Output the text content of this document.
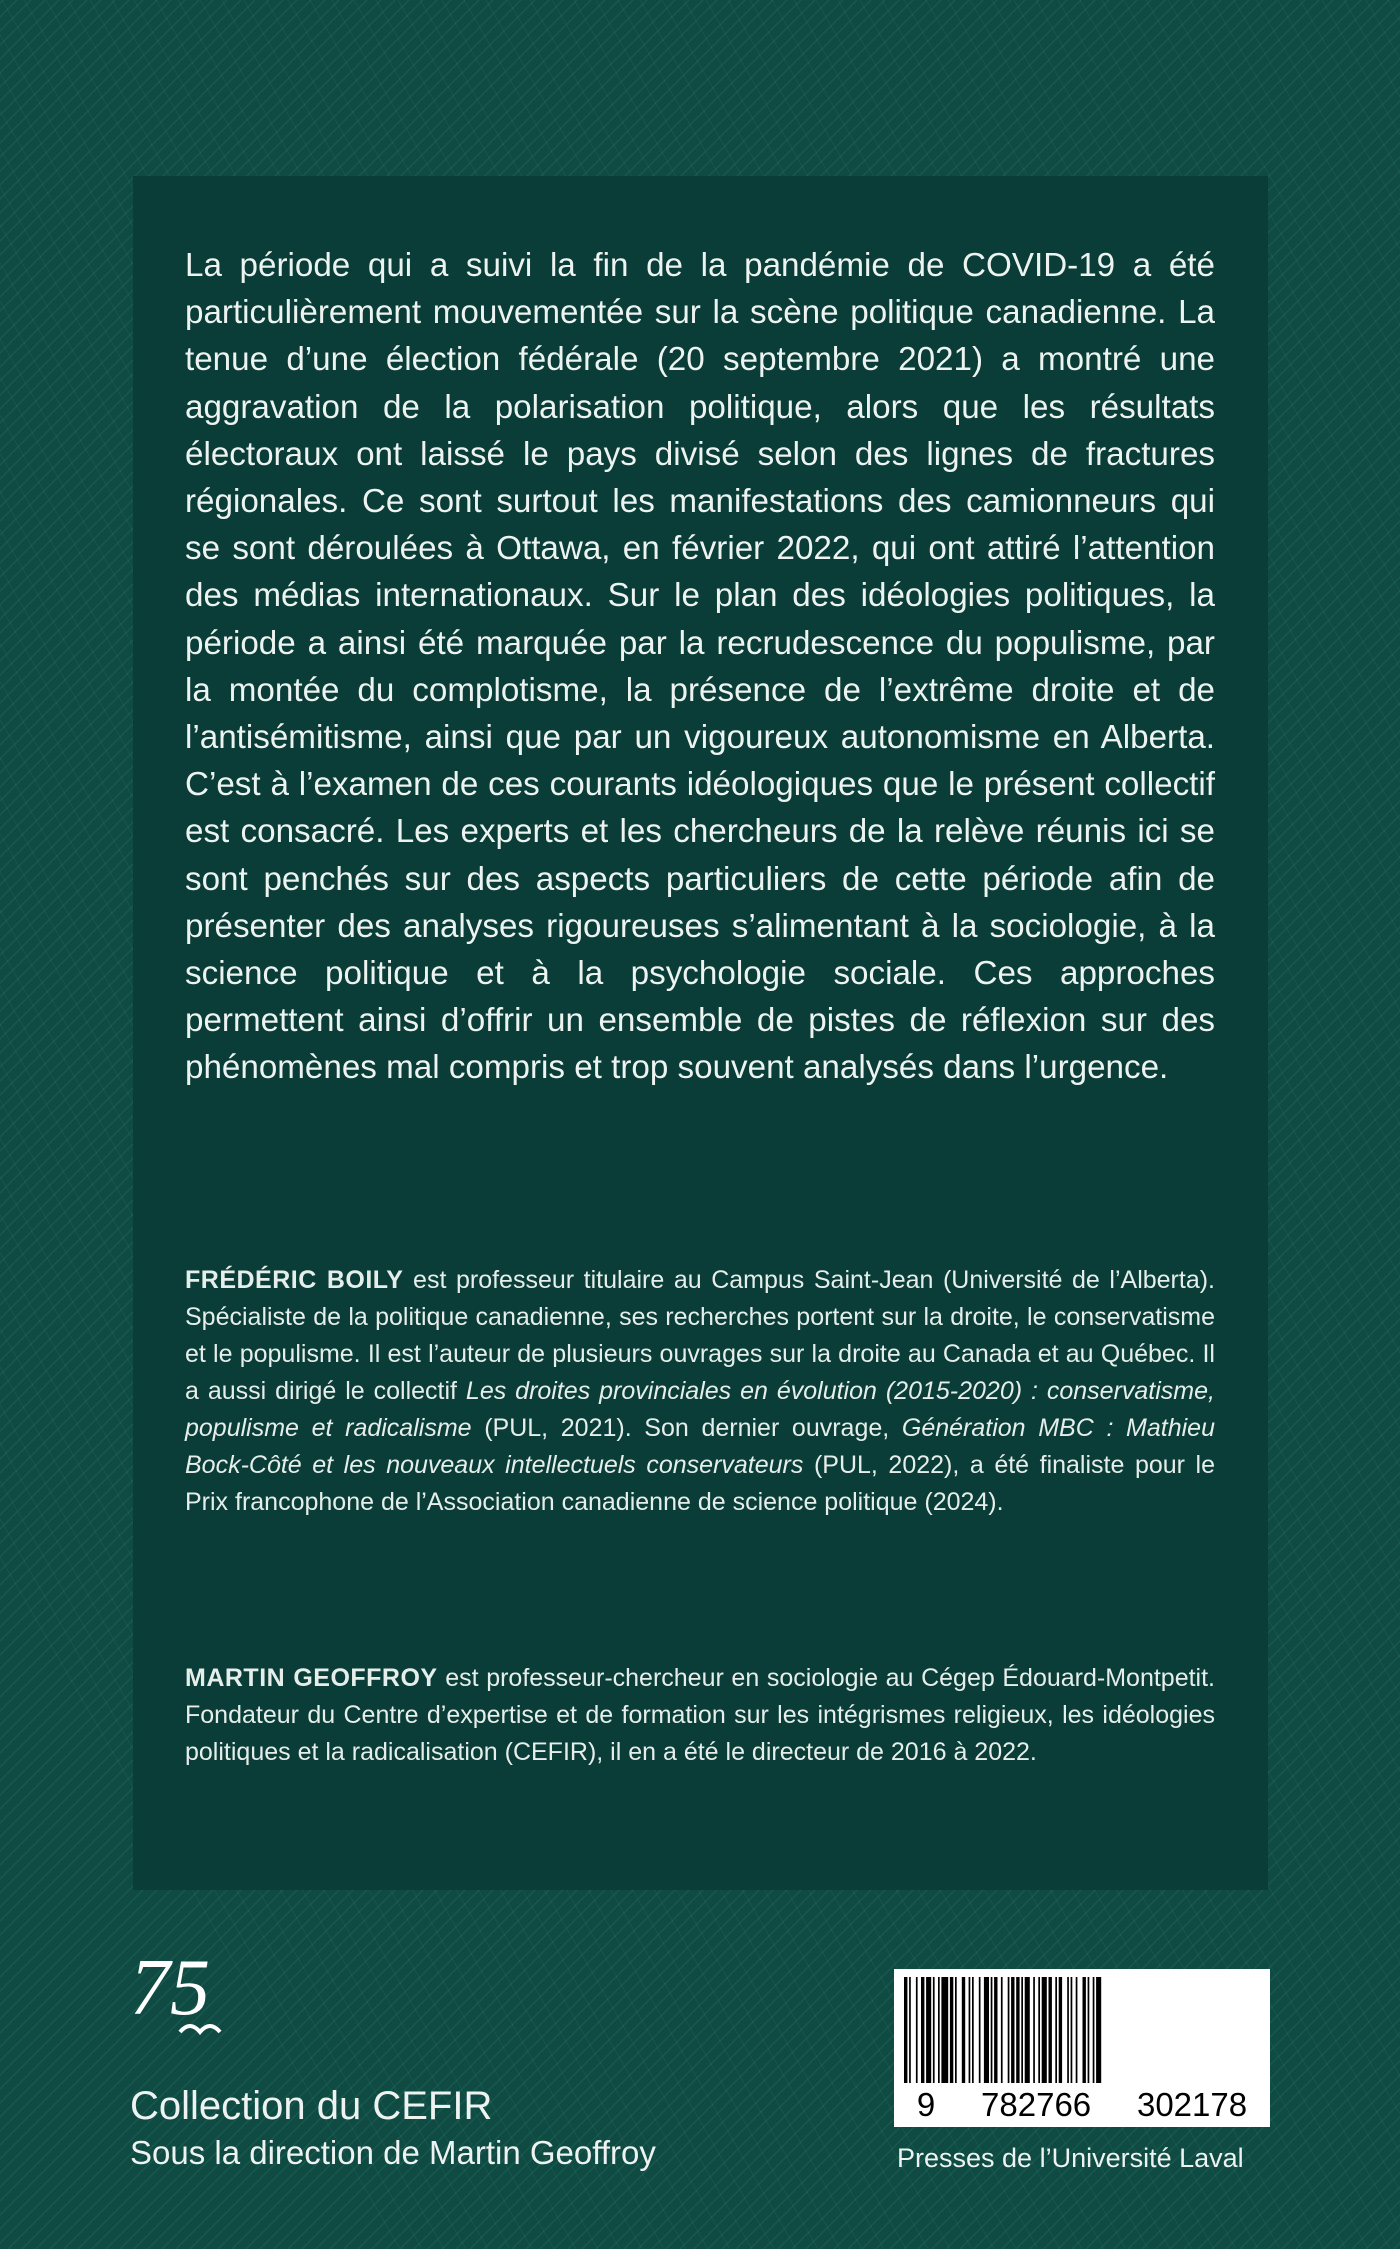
La période qui a suivi la fin de la pandémie de COVID-19 a été particulièrement mouvementée sur la scène politique canadienne. La tenue d’une élection fédérale (20 septembre 2021) a montré une aggravation de la polarisation politique, alors que les résultats électoraux ont laissé le pays divisé selon des lignes de fractures régionales. Ce sont surtout les manifestations des camionneurs qui se sont déroulées à Ottawa, en février 2022, qui ont attiré l’attention des médias internationaux. Sur le plan des idéologies politiques, la période a ainsi été marquée par la recrudescence du populisme, par la montée du complotisme, la présence de l’extrême droite et de l’antisémitisme, ainsi que par un vigoureux autonomisme en Alberta. C’est à l’examen de ces courants idéologiques que le présent collectif est consacré. Les experts et les chercheurs de la relève réunis ici se sont penchés sur des aspects particuliers de cette période afin de présenter des analyses rigoureuses s’alimentant à la sociologie, à la science politique et à la psychologie sociale. Ces approches permettent ainsi d’offrir un ensemble de pistes de réflexion sur des phénomènes mal compris et trop souvent analysés dans l’urgence.

FRÉDÉRIC BOILY est professeur titulaire au Campus Saint-Jean (Université de l’Alberta). Spécialiste de la politique canadienne, ses recherches portent sur la droite, le conservatisme et le populisme. Il est l’auteur de plusieurs ouvrages sur la droite au Canada et au Québec. Il a aussi dirigé le collectif Les droites provinciales en évolution (2015-2020) : conservatisme, populisme et radicalisme (PUL, 2021). Son dernier ouvrage, Génération MBC : Mathieu Bock-Côté et les nouveaux intellectuels conservateurs (PUL, 2022), a été finaliste pour le Prix francophone de l’Association canadienne de science politique (2024).

MARTIN GEOFFROY est professeur-chercheur en sociologie au Cégep Édouard-Montpetit. Fondateur du Centre d’expertise et de formation sur les intégrismes religieux, les idéologies politiques et la radicalisation (CEFIR), il en a été le directeur de 2016 à 2022.

75

Collection du CEFIR

Sous la direction de Martin Geoffroy

9 782766 302178

Presses de l’Université Laval
